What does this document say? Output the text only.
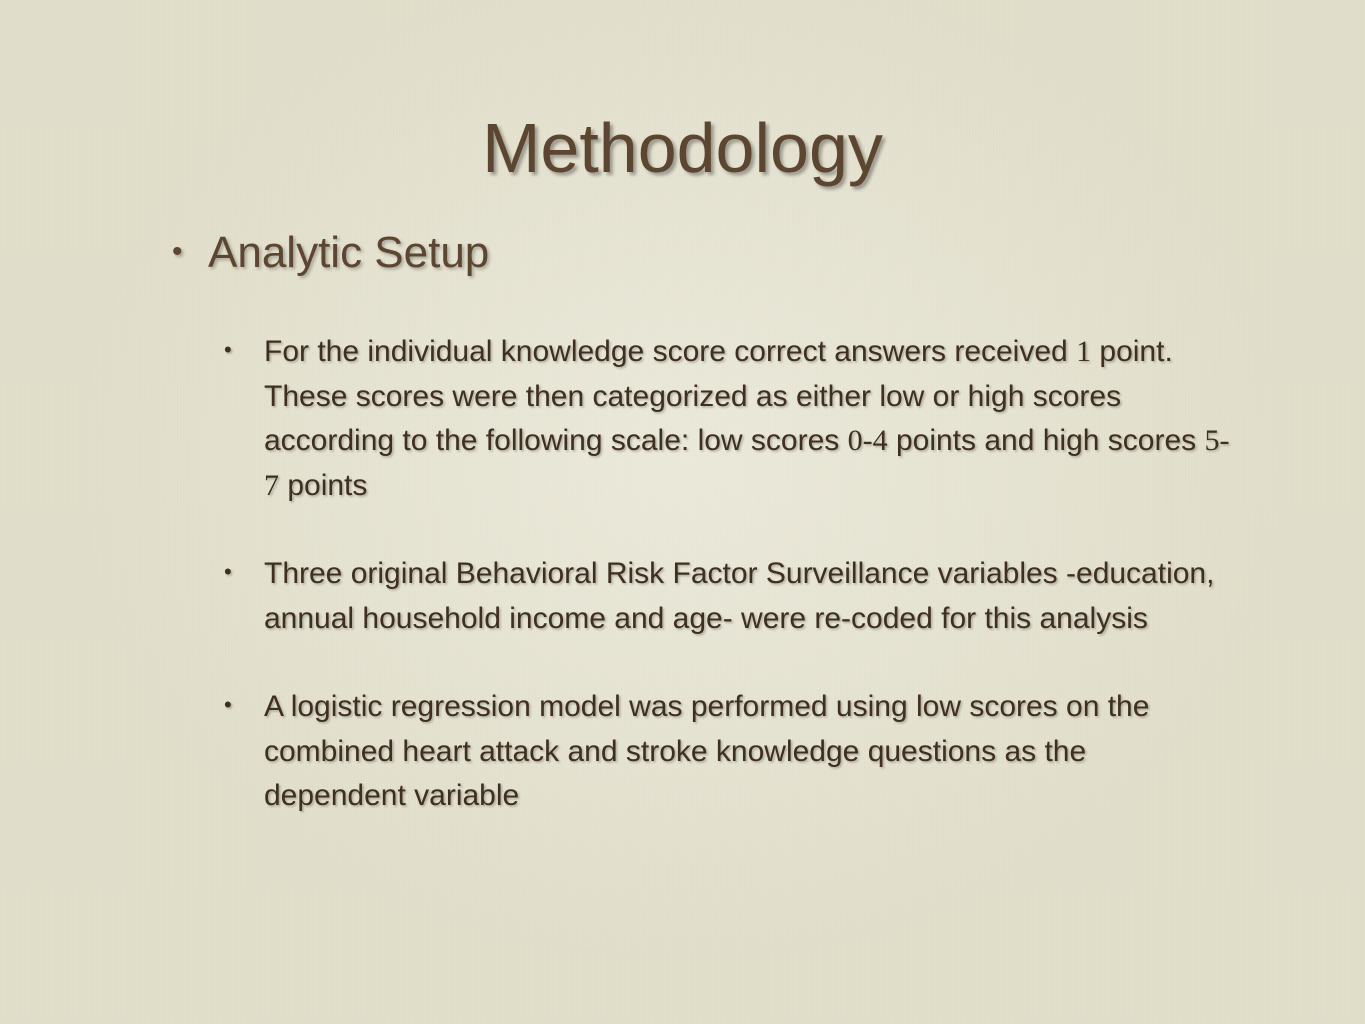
Methodology
• Analytic Setup
• For the individual knowledge score correct answers received 1 point. These scores were then categorized as either low or high scores according to the following scale: low scores 0-4 points and high scores 5-7 points
• Three original Behavioral Risk Factor Surveillance variables -education, annual household income and age- were re-coded for this analysis
• A logistic regression model was performed using low scores on the combined heart attack and stroke knowledge questions as the dependent variable
